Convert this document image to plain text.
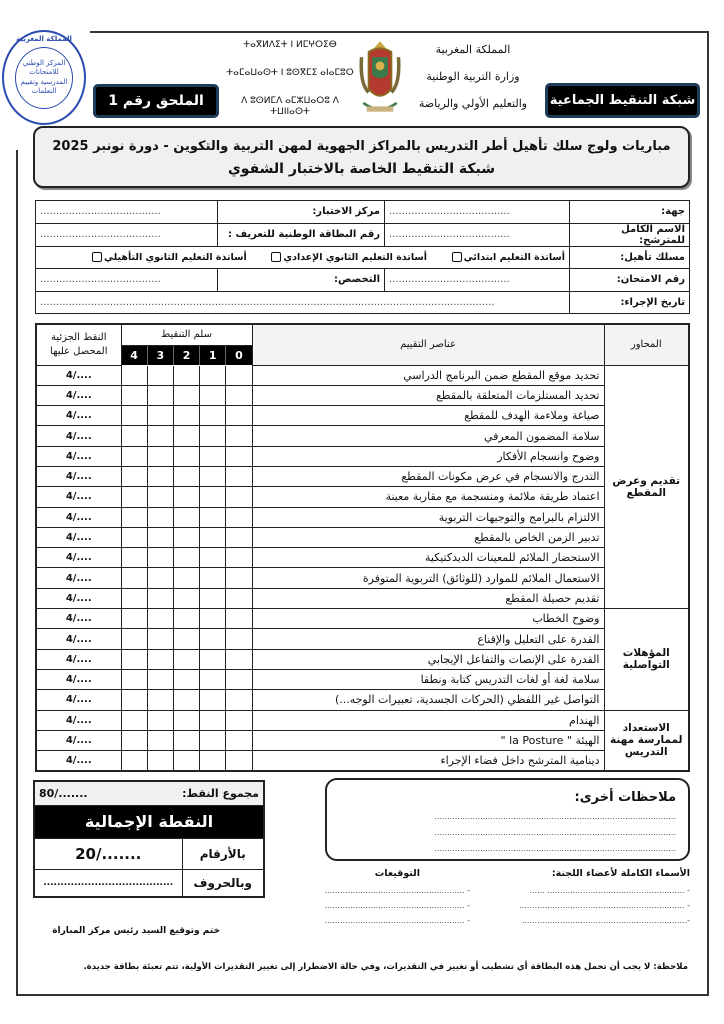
المملكة المغربية
المركز الوطني للامتحانات المدرسية وتقييم التعلمات
الملحق رقم 1
ⵜⴰⴳⵍⴷⵉⵜ ⵏ ⵍⵎⵖⵔⵉⴱ
ⵜⴰⵎⴰⵡⴰⵙⵜ ⵏ ⵓⵙⴳⵎⵉ ⴰⵏⴰⵎⵓⵔ
ⴷ ⵓⵙⵍⵎⴷ ⴰⵎⵣⵡⴰⵔⵓ ⴷ ⵜⵡⵏⵏⴰⵙⵜ
المملكة المغربية
وزارة التربية الوطنية
والتعليم الأولي والرياضة	شبكة التنقيط الجماعية
مباريات ولوج سلك تأهيل أطر التدريس بالمراكز الجهوية لمهن التربية والتكوين - دورة نونبر 2025
شبكة التنقيط الخاصة بالاختبار الشفوي
جهة:	......................................	مركز الاختبار:	......................................
الاسم الكامل للمترشح:	......................................	رقم البطاقة الوطنية للتعريف :	......................................
مسلك تأهيل:	أساتذة التعليم ابتدائي  أساتذة التعليم الثانوي الإعدادي  أساتذة التعليم الثانوي التأهيلي		
رقم الامتحان:	......................................	التخصص:	......................................
تاريخ الإجراء:	...............................................................................................................................................		
المحاور	عناصر التقييم	سلم التنقيط					النقط الجزئية المحصل عليها
		0	1	2	3	4	
تقديم وعرض المقطع	تحديد موقع المقطع ضمن البرنامج الدراسي						4/....
	تحديد المستلزمات المتعلقة بالمقطع						4/....
	صياغة وملاءمة الهدف للمقطع						4/....
	سلامة المضمون المعرفي						4/....
	وضوح وانسجام الأفكار						4/....
	التدرج والانسجام في عرض مكونات المقطع						4/....
	اعتماد طريقة ملائمة ومنسجمة مع مقاربة معينة						4/....
	الالتزام بالبرامج والتوجيهات التربوية						4/....
	تدبير الزمن الخاص بالمقطع						4/....
	الاستحضار الملائم للمعينات الديدكتيكية						4/....
	الاستعمال الملائم للموارد (للوثائق) التربوية المتوفرة						4/....
	تقديم حصيلة المقطع						4/....
المؤهلات التواصلية	وضوح الخطاب						4/....
	القدرة على التعليل والإقناع						4/....
	القدرة على الإنصات والتفاعل الإيجابي						4/....
	سلامة لغة أو لغات التدريس كتابة ونطقا						4/....
	التواصل غير اللفظي (الحركات الجسدية، تعبيرات الوجه...)						4/....
الاستعداد لممارسة مهنة التدريس	الهندام						4/....
	الهيئة " la Posture "						4/....
	دينامية المترشح داخل فضاء الإجراء						4/....
مجموع النقط:
80/.......	

النقطة الإجمالية	
بالأرقام	20/.......
وبالحروف	......................................
ملاحظات أخرى:
...............................................................................................
...............................................................................................
...............................................................................................
الأسماء الكاملة لأعضاء اللجنة:
- ...................................................... ......
- .................................................................
-.................................................................
التوقيعات
- .......................................................
- .......................................................
- .......................................................
ختم وتوقيع السيد رئيس مركز المباراة
ملاحظة: لا يجب أن تحمل هذه البطاقة أي تشطيب أو تغيير في التقديرات، وفي حالة الاضطرار إلى تغيير التقديرات الأولية، تتم تعبئة بطاقة جديدة.
